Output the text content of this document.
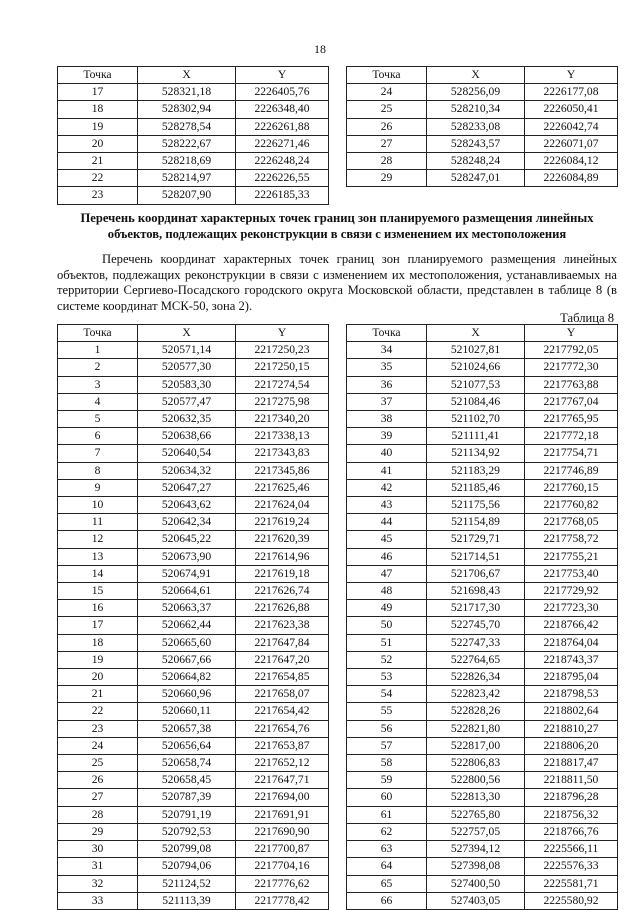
18
Точка	X	Y
17	528321,18	2226405,76
18	528302,94	2226348,40
19	528278,54	2226261,88
20	528222,67	2226271,46
21	528218,69	2226248,24
22	528214,97	2226226,55
23	528207,90	2226185,33
Точка	X	Y
24	528256,09	2226177,08
25	528210,34	2226050,41
26	528233,08	2226042,74
27	528243,57	2226071,07
28	528248,24	2226084,12
29	528247,01	2226084,89
Перечень координат характерных точек границ зон планируемого размещения линейных объектов, подлежащих реконструкции в связи с изменением их местоположения
Перечень координат характерных точек границ зон планируемого размещения линейных объектов, подлежащих реконструкции в связи с изменением их местоположения, устанавливаемых на территории Сергиево-Посадского городского округа Московской области, представлен в таблице 8 (в системе координат МСК-50, зона 2).
Таблица 8
Точка	X	Y
1	520571,14	2217250,23
2	520577,30	2217250,15
3	520583,30	2217274,54
4	520577,47	2217275,98
5	520632,35	2217340,20
6	520638,66	2217338,13
7	520640,54	2217343,83
8	520634,32	2217345,86
9	520647,27	2217625,46
10	520643,62	2217624,04
11	520642,34	2217619,24
12	520645,22	2217620,39
13	520673,90	2217614,96
14	520674,91	2217619,18
15	520664,61	2217626,74
16	520663,37	2217626,88
17	520662,44	2217623,38
18	520665,60	2217647,84
19	520667,66	2217647,20
20	520664,82	2217654,85
21	520660,96	2217658,07
22	520660,11	2217654,42
23	520657,38	2217654,76
24	520656,64	2217653,87
25	520658,74	2217652,12
26	520658,45	2217647,71
27	520787,39	2217694,00
28	520791,19	2217691,91
29	520792,53	2217690,90
30	520799,08	2217700,87
31	520794,06	2217704,16
32	521124,52	2217776,62
33	521113,39	2217778,42
Точка	X	Y
34	521027,81	2217792,05
35	521024,66	2217772,30
36	521077,53	2217763,88
37	521084,46	2217767,04
38	521102,70	2217765,95
39	521111,41	2217772,18
40	521134,92	2217754,71
41	521183,29	2217746,89
42	521185,46	2217760,15
43	521175,56	2217760,82
44	521154,89	2217768,05
45	521729,71	2217758,72
46	521714,51	2217755,21
47	521706,67	2217753,40
48	521698,43	2217729,92
49	521717,30	2217723,30
50	522745,70	2218766,42
51	522747,33	2218764,04
52	522764,65	2218743,37
53	522826,34	2218795,04
54	522823,42	2218798,53
55	522828,26	2218802,64
56	522821,80	2218810,27
57	522817,00	2218806,20
58	522806,83	2218817,47
59	522800,56	2218811,50
60	522813,30	2218796,28
61	522765,80	2218756,32
62	522757,05	2218766,76
63	527394,12	2225566,11
64	527398,08	2225576,33
65	527400,50	2225581,71
66	527403,05	2225580,92
